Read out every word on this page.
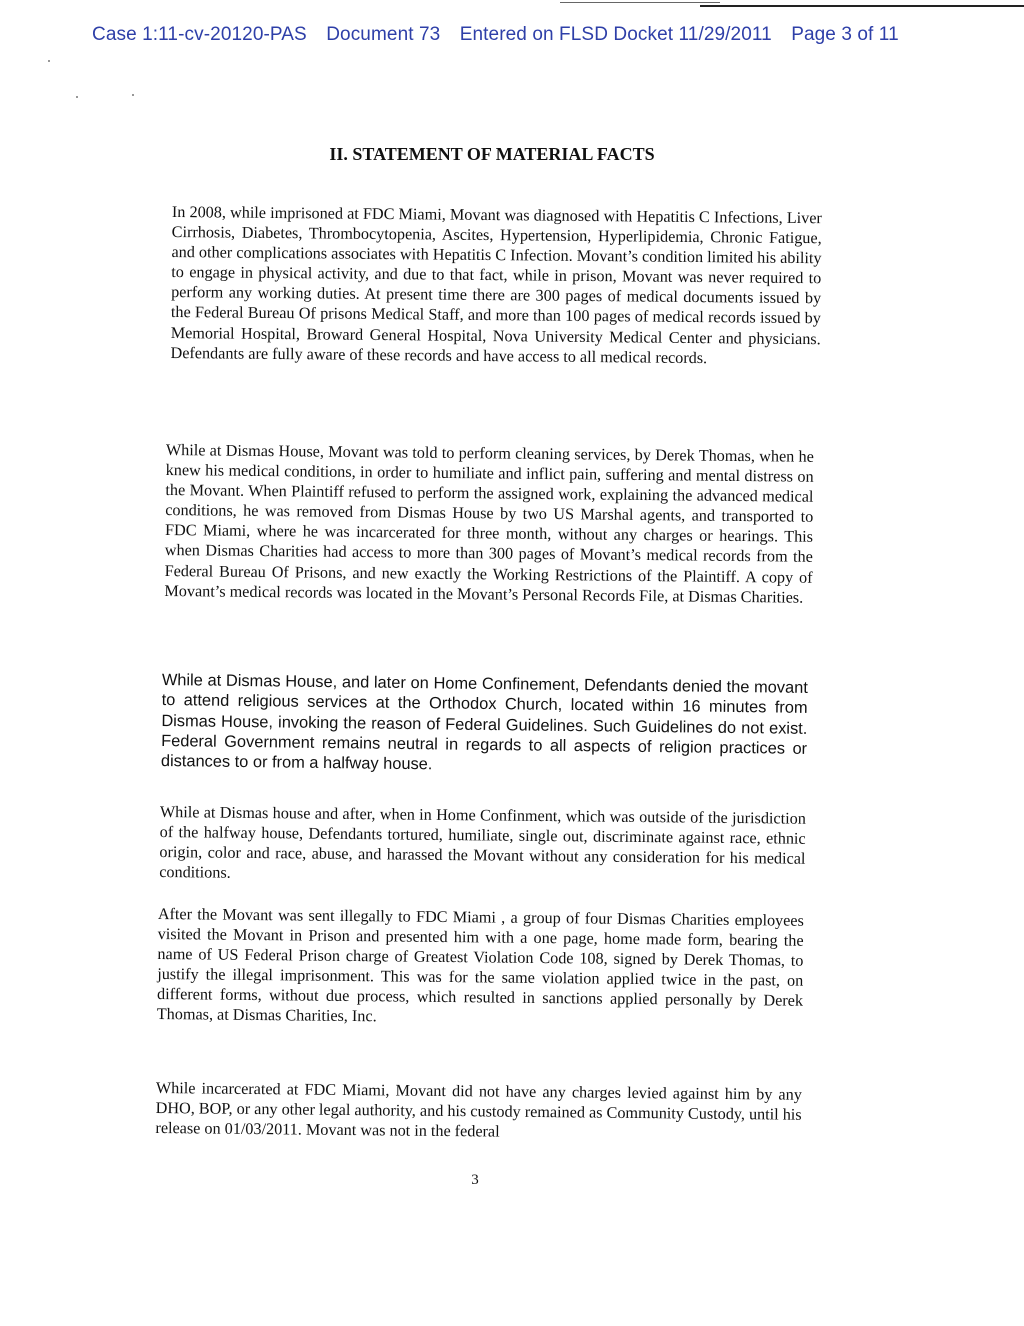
Case 1:11-cv-20120-PAS Document 73 Entered on FLSD Docket 11/29/2011 Page 3 of 11
II. STATEMENT OF MATERIAL FACTS

In 2008, while imprisoned at FDC Miami, Movant was diagnosed with Hepatitis C Infections, Liver Cirrhosis, Diabetes, Thrombocytopenia, Ascites, Hypertension, Hyperlipidemia, Chronic Fatigue, and other complications associates with Hepatitis C Infection. Movant’s condition limited his ability to engage in physical activity, and due to that fact, while in prison, Movant was never required to perform any working duties. At present time there are 300 pages of medical documents issued by the Federal Bureau Of prisons Medical Staff, and more than 100 pages of medical records issued by Memorial Hospital, Broward General Hospital, Nova University Medical Center and physicians. Defendants are fully aware of these records and have access to all medical records.

While at Dismas House, Movant was told to perform cleaning services, by Derek Thomas, when he knew his medical conditions, in order to humiliate and inflict pain, suffering and mental distress on the Movant. When Plaintiff refused to perform the assigned work, explaining the advanced medical conditions, he was removed from Dismas House by two US Marshal agents, and transported to FDC Miami, where he was incarcerated for three month, without any charges or hearings. This when Dismas Charities had access to more than 300 pages of Movant’s medical records from the Federal Bureau Of Prisons, and new exactly the Working Restrictions of the Plaintiff. A copy of Movant’s medical records was located in the Movant’s Personal Records File, at Dismas Charities.

While at Dismas House, and later on Home Confinement, Defendants denied the movant to attend religious services at the Orthodox Church, located within 16 minutes from Dismas House, invoking the reason of Federal Guidelines. Such Guidelines do not exist. Federal Government remains neutral in regards to all aspects of religion practices or distances to or from a halfway house.

While at Dismas house and after, when in Home Confinment, which was outside of the jurisdiction of the halfway house, Defendants tortured, humiliate, single out, discriminate against race, ethnic origin, color and race, abuse, and harassed the Movant without any consideration for his medical conditions.

After the Movant was sent illegally to FDC Miami , a group of four Dismas Charities employees visited the Movant in Prison and presented him with a one page, home made form, bearing the name of US Federal Prison charge of Greatest Violation Code 108, signed by Derek Thomas, to justify the illegal imprisonment. This was for the same violation applied twice in the past, on different forms, without due process, which resulted in sanctions applied personally by Derek Thomas, at Dismas Charities, Inc.

While incarcerated at FDC Miami, Movant did not have any charges levied against him by any DHO, BOP, or any other legal authority, and his custody remained as Community Custody, until his release on 01/03/2011. Movant was not in the federal

3
